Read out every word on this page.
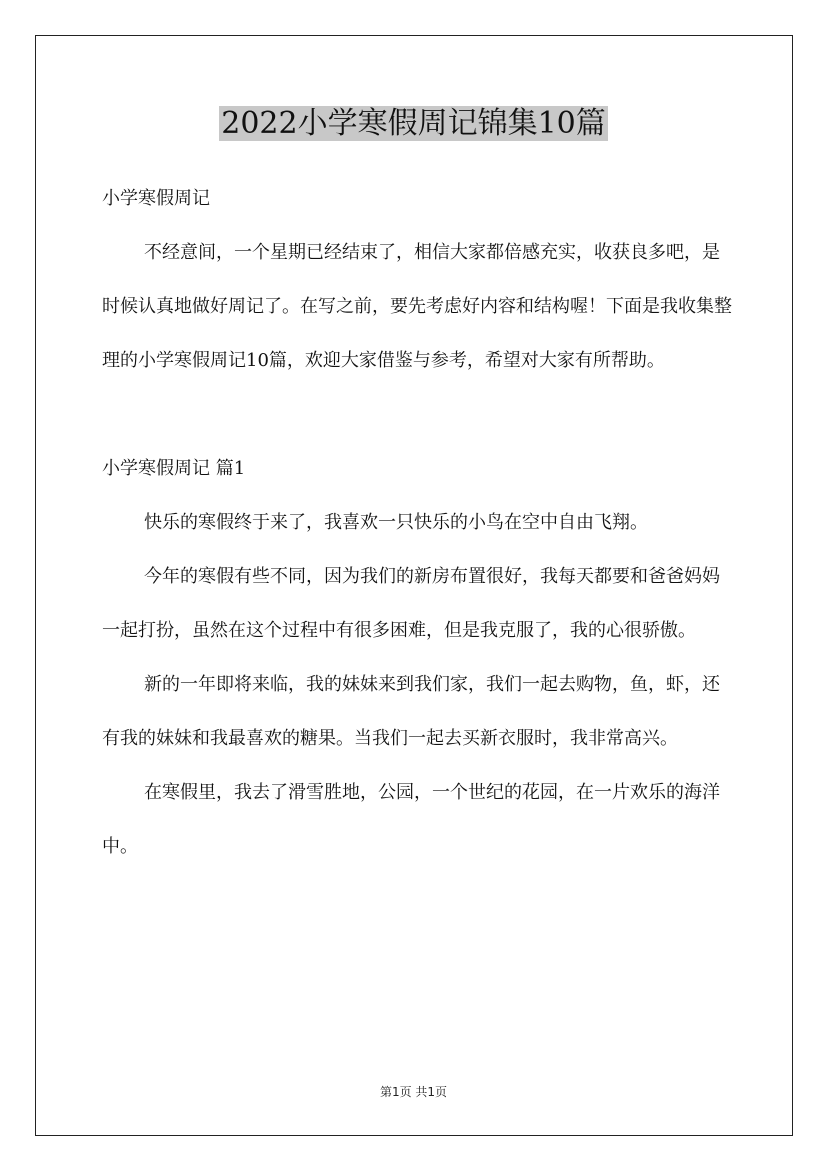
2022小学寒假周记锦集10篇

小学寒假周记

不经意间，一个星期已经结束了，相信大家都倍感充实，收获良多吧，是时候认真地做好周记了。在写之前，要先考虑好内容和结构喔！下面是我收集整理的小学寒假周记10篇，欢迎大家借鉴与参考，希望对大家有所帮助。

小学寒假周记 篇1

快乐的寒假终于来了，我喜欢一只快乐的小鸟在空中自由飞翔。

今年的寒假有些不同，因为我们的新房布置很好，我每天都要和爸爸妈妈一起打扮，虽然在这个过程中有很多困难，但是我克服了，我的心很骄傲。

新的一年即将来临，我的妹妹来到我们家，我们一起去购物，鱼，虾，还有我的妹妹和我最喜欢的糖果。当我们一起去买新衣服时，我非常高兴。

在寒假里，我去了滑雪胜地，公园，一个世纪的花园，在一片欢乐的海洋中。

第1页 共1页
